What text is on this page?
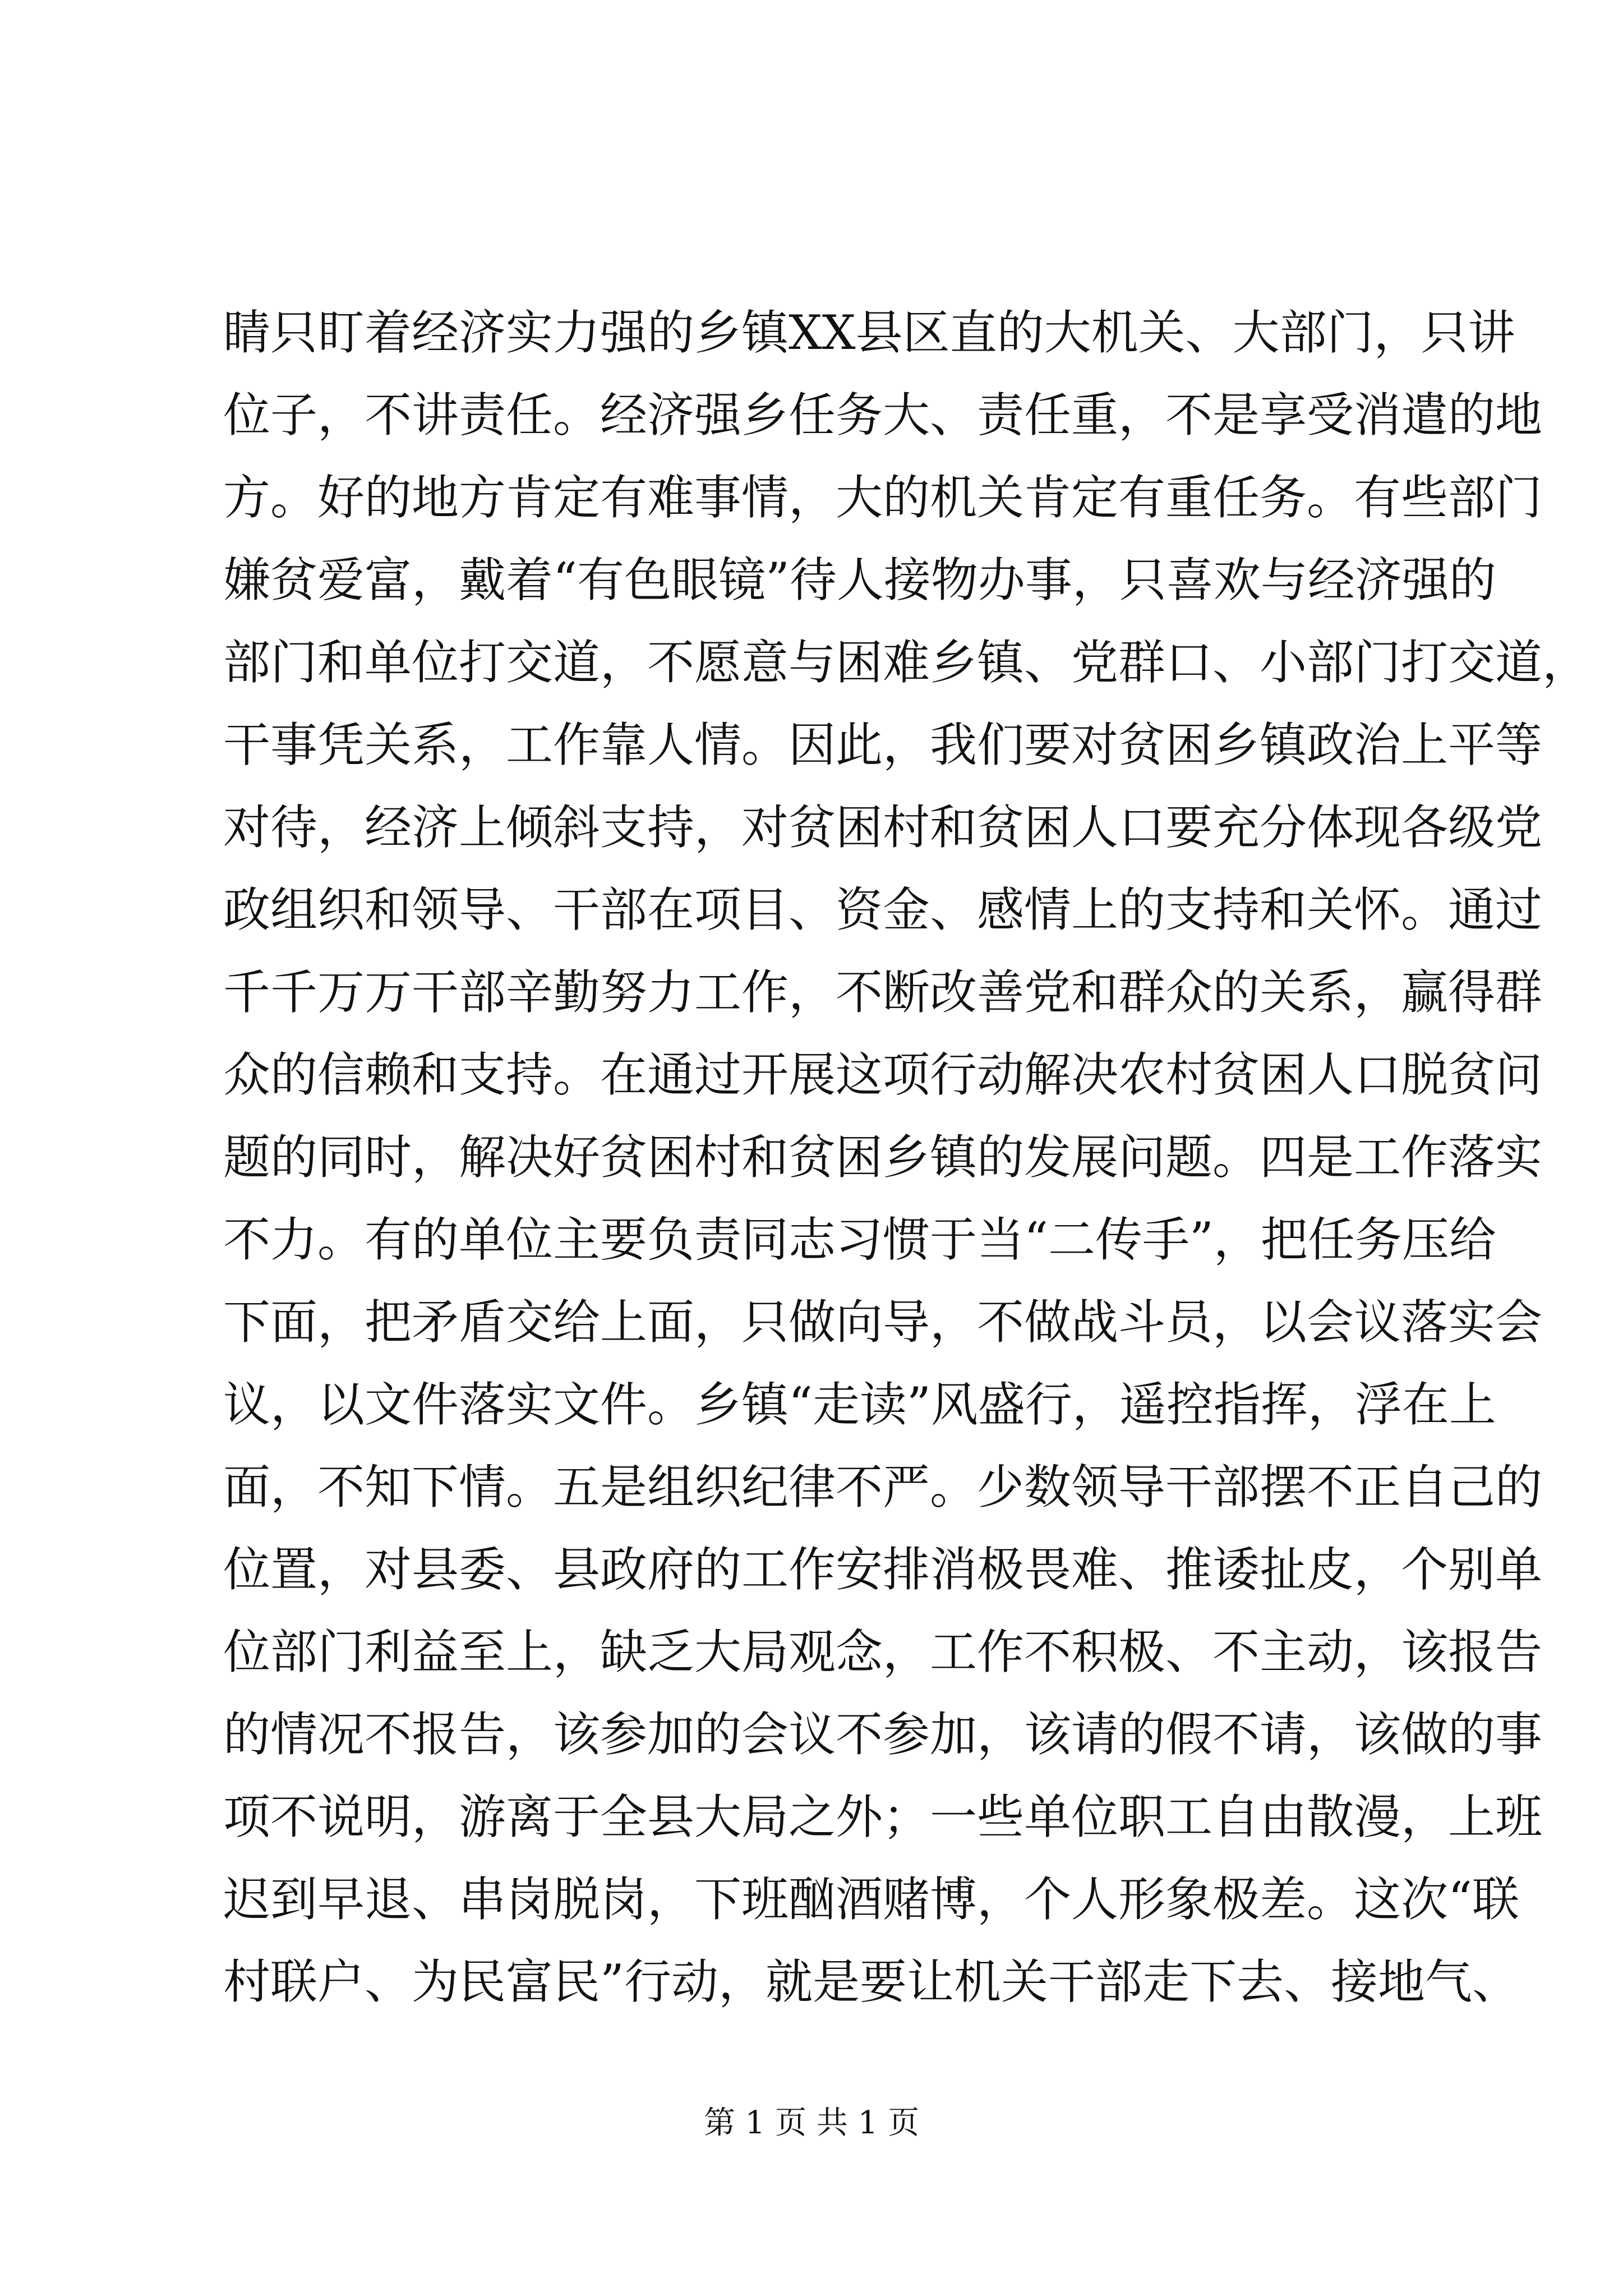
睛只盯着经济实力强的乡镇XX县区直的大机关、大部门，只讲
位子，不讲责任。经济强乡任务大、责任重，不是享受消遣的地
方。好的地方肯定有难事情，大的机关肯定有重任务。有些部门
嫌贫爱富，戴着“有色眼镜”待人接物办事，只喜欢与经济强的
部门和单位打交道，不愿意与困难乡镇、党群口、小部门打交道，
干事凭关系，工作靠人情。因此，我们要对贫困乡镇政治上平等
对待，经济上倾斜支持，对贫困村和贫困人口要充分体现各级党
政组织和领导、干部在项目、资金、感情上的支持和关怀。通过
千千万万干部辛勤努力工作，不断改善党和群众的关系，赢得群
众的信赖和支持。在通过开展这项行动解决农村贫困人口脱贫问
题的同时，解决好贫困村和贫困乡镇的发展问题。四是工作落实
不力。有的单位主要负责同志习惯于当“二传手”，把任务压给
下面，把矛盾交给上面，只做向导，不做战斗员，以会议落实会
议，以文件落实文件。乡镇“走读”风盛行，遥控指挥，浮在上
面，不知下情。五是组织纪律不严。少数领导干部摆不正自己的
位置，对县委、县政府的工作安排消极畏难、推诿扯皮，个别单
位部门利益至上，缺乏大局观念，工作不积极、不主动，该报告
的情况不报告，该参加的会议不参加，该请的假不请，该做的事
项不说明，游离于全县大局之外；一些单位职工自由散漫，上班
迟到早退、串岗脱岗，下班酗酒赌博，个人形象极差。这次“联
村联户、为民富民”行动，就是要让机关干部走下去、接地气、
第 1 页 共 1 页
